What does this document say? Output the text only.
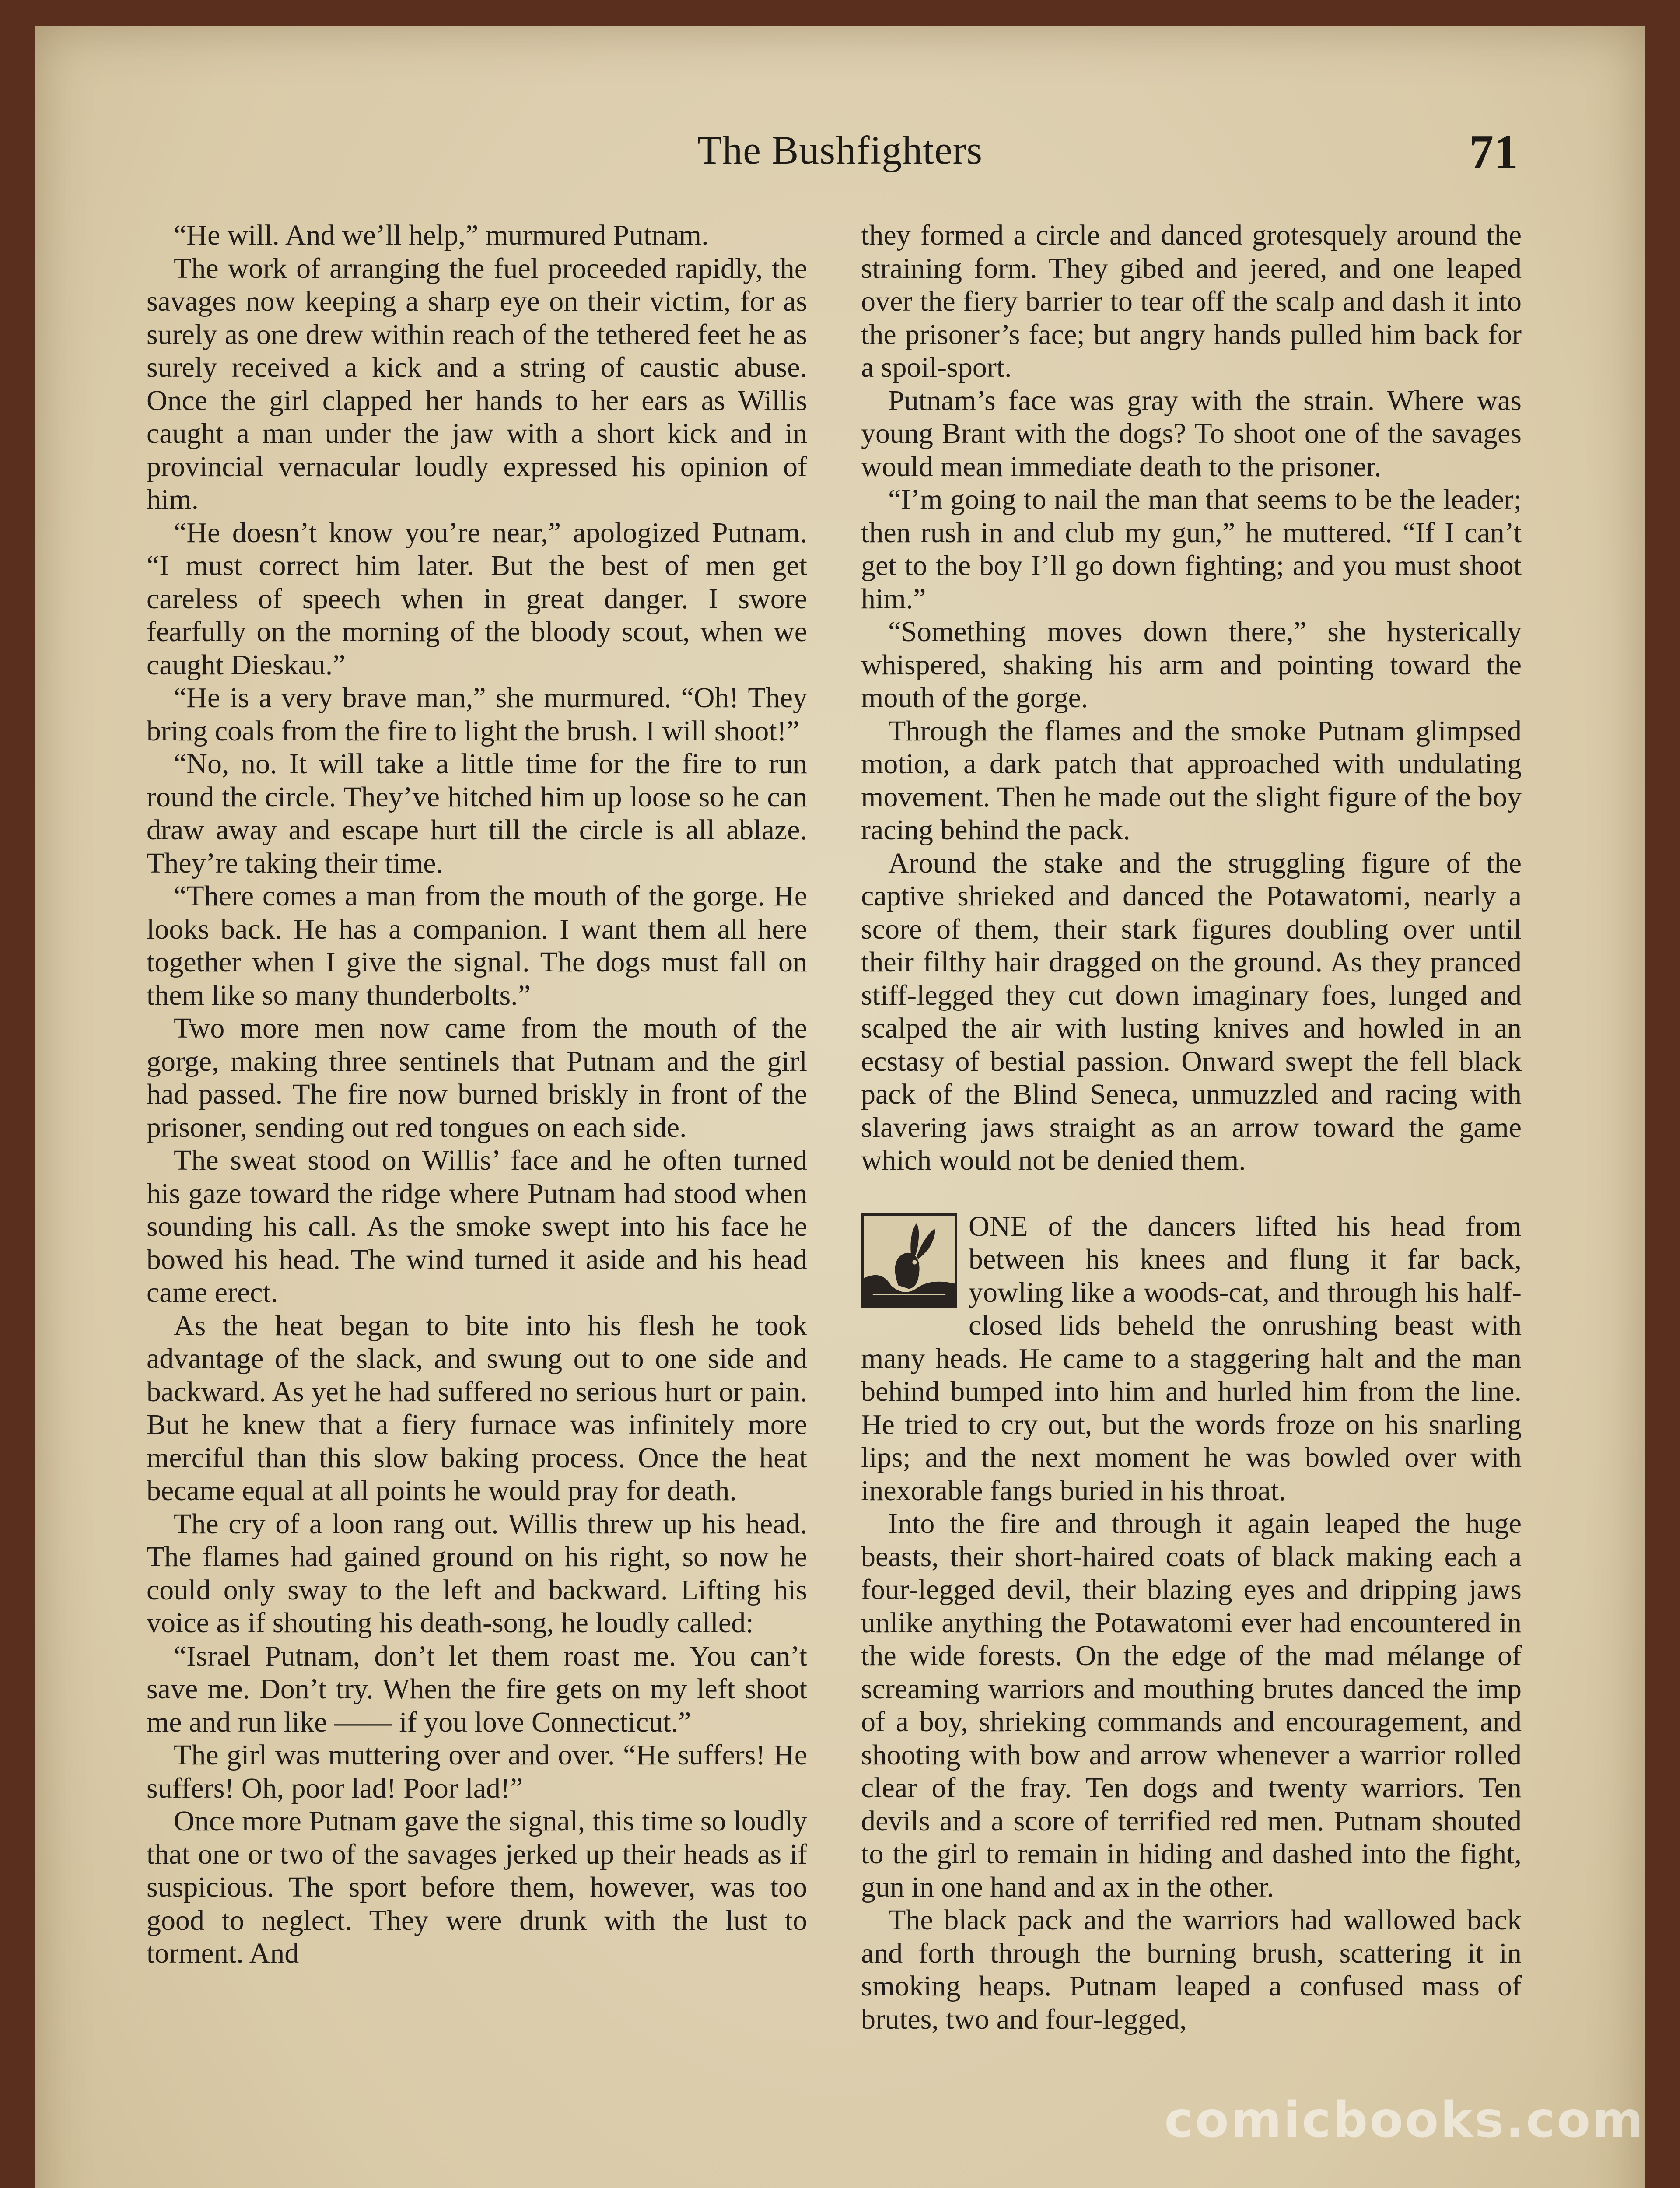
The Bushfighters	71

“He will. And we’ll help,” murmured Putnam.

The work of arranging the fuel proceeded rapidly, the savages now keeping a sharp eye on their victim, for as surely as one drew within reach of the tethered feet he as surely received a kick and a string of caustic abuse. Once the girl clapped her hands to her ears as Willis caught a man under the jaw with a short kick and in provincial vernacular loudly expressed his opinion of him.

“He doesn’t know you’re near,” apologized Putnam. “I must correct him later. But the best of men get careless of speech when in great danger. I swore fearfully on the morning of the bloody scout, when we caught Dieskau.”

“He is a very brave man,” she murmured. “Oh! They bring coals from the fire to light the brush. I will shoot!”

“No, no. It will take a little time for the fire to run round the circle. They’ve hitched him up loose so he can draw away and escape hurt till the circle is all ablaze. They’re taking their time.

“There comes a man from the mouth of the gorge. He looks back. He has a companion. I want them all here together when I give the signal. The dogs must fall on them like so many thunderbolts.”

Two more men now came from the mouth of the gorge, making three sentinels that Putnam and the girl had passed. The fire now burned briskly in front of the prisoner, sending out red tongues on each side.

The sweat stood on Willis’ face and he often turned his gaze toward the ridge where Putnam had stood when sounding his call. As the smoke swept into his face he bowed his head. The wind turned it aside and his head came erect.

As the heat began to bite into his flesh he took advantage of the slack, and swung out to one side and backward. As yet he had suffered no serious hurt or pain. But he knew that a fiery furnace was infinitely more merciful than this slow baking process. Once the heat became equal at all points he would pray for death.

The cry of a loon rang out. Willis threw up his head. The flames had gained ground on his right, so now he could only sway to the left and backward. Lifting his voice as if shouting his death-song, he loudly called:

“Israel Putnam, don’t let them roast me. You can’t save me. Don’t try. When the fire gets on my left shoot me and run like —— if you love Connecticut.”

The girl was muttering over and over. “He suffers! He suffers! Oh, poor lad! Poor lad!”

Once more Putnam gave the signal, this time so loudly that one or two of the savages jerked up their heads as if suspicious. The sport before them, however, was too good to neglect. They were drunk with the lust to torment. And

they formed a circle and danced grotesquely around the straining form. They gibed and jeered, and one leaped over the fiery barrier to tear off the scalp and dash it into the prisoner’s face; but angry hands pulled him back for a spoil-sport.

Putnam’s face was gray with the strain. Where was young Brant with the dogs? To shoot one of the savages would mean immediate death to the prisoner.

“I’m going to nail the man that seems to be the leader; then rush in and club my gun,” he muttered. “If I can’t get to the boy I’ll go down fighting; and you must shoot him.”

“Something moves down there,” she hysterically whispered, shaking his arm and pointing toward the mouth of the gorge.

Through the flames and the smoke Putnam glimpsed motion, a dark patch that approached with undulating movement. Then he made out the slight figure of the boy racing behind the pack.

Around the stake and the struggling figure of the captive shrieked and danced the Potawatomi, nearly a score of them, their stark figures doubling over until their filthy hair dragged on the ground. As they pranced stiff-legged they cut down imaginary foes, lunged and scalped the air with lusting knives and howled in an ecstasy of bestial passion. Onward swept the fell black pack of the Blind Seneca, unmuzzled and racing with slavering jaws straight as an arrow toward the game which would not be denied them.

ONE of the dancers lifted his head from between his knees and flung it far back, yowling like a woods-cat, and through his half-closed lids beheld the onrushing beast with many heads. He came to a staggering halt and the man behind bumped into him and hurled him from the line. He tried to cry out, but the words froze on his snarling lips; and the next moment he was bowled over with inexorable fangs buried in his throat.

Into the fire and through it again leaped the huge beasts, their short-haired coats of black making each a four-legged devil, their blazing eyes and dripping jaws unlike anything the Potawatomi ever had encountered in the wide forests. On the edge of the mad mélange of screaming warriors and mouthing brutes danced the imp of a boy, shrieking commands and encouragement, and shooting with bow and arrow whenever a warrior rolled clear of the fray. Ten dogs and twenty warriors. Ten devils and a score of terrified red men. Putnam shouted to the girl to remain in hiding and dashed into the fight, gun in one hand and ax in the other.

The black pack and the warriors had wallowed back and forth through the burning brush, scattering it in smoking heaps. Putnam leaped a confused mass of brutes, two and four-legged,

comicbooks.com
